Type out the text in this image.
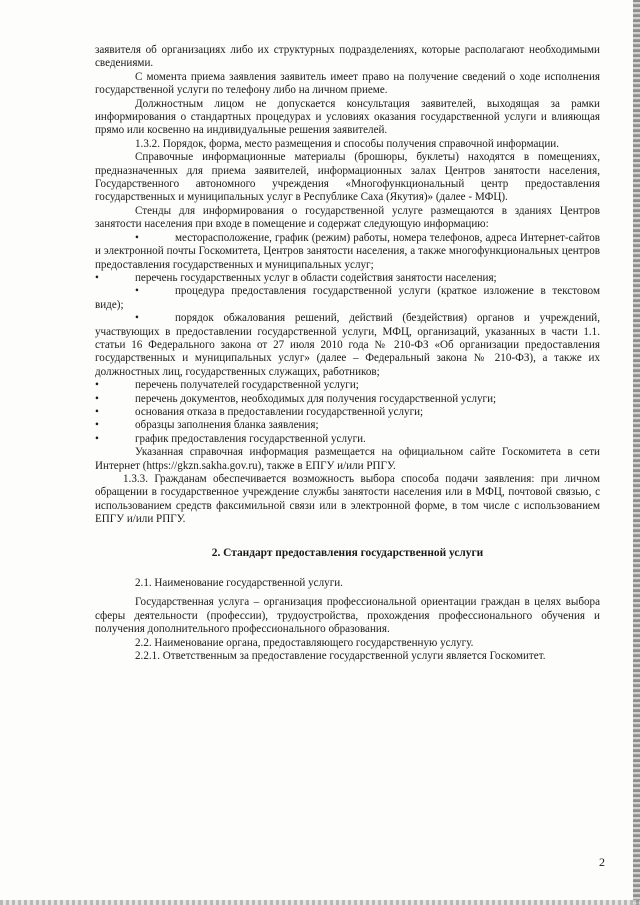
заявителя об организациях либо их структурных подразделениях, которые располагают необходимыми сведениями.

С момента приема заявления заявитель имеет право на получение сведений о ходе исполнения государственной услуги по телефону либо на личном приеме.

Должностным лицом не допускается консультация заявителей, выходящая за рамки информирования о стандартных процедурах и условиях оказания государственной услуги и влияющая прямо или косвенно на индивидуальные решения заявителей.

1.3.2. Порядок, форма, место размещения и способы получения справочной информации.

Справочные информационные материалы (брошюры, буклеты) находятся в помещениях, предназначенных для приема заявителей, информационных залах Центров занятости населения, Государственного автономного учреждения «Многофункциональный центр предоставления государственных и муниципальных услуг в Республике Саха (Якутия)» (далее - МФЦ).

Стенды для информирования о государственной услуге размещаются в зданиях Центров занятости населения при входе в помещение и содержат следующую информацию:

•	месторасположение, график (режим) работы, номера телефонов, адреса Интернет-сайтов и электронной почты Госкомитета, Центров занятости населения, а также многофункциональных центров предоставления государственных и муниципальных услуг;

•	перечень государственных услуг в области содействия занятости населения;

•	процедура предоставления государственной услуги (краткое изложение в текстовом виде);

•	порядок обжалования решений, действий (бездействия) органов и учреждений, участвующих в предоставлении государственной услуги, МФЦ, организаций, указанных в части 1.1. статьи 16 Федерального закона от 27 июля 2010 года № 210-ФЗ «Об организации предоставления государственных и муниципальных услуг» (далее – Федеральный закона № 210-ФЗ), а также их должностных лиц, государственных служащих, работников;

•	перечень получателей государственной услуги;

•	перечень документов, необходимых для получения государственной услуги;

•	основания отказа в предоставлении государственной услуги;

•	образцы заполнения бланка заявления;

•	график предоставления государственной услуги.

Указанная справочная информация размещается на официальном сайте Госкомитета в сети Интернет (https://gkzn.sakha.gov.ru), также в ЕПГУ и/или РПГУ.

1.3.3. Гражданам обеспечивается возможность выбора способа подачи заявления: при личном обращении в государственное учреждение службы занятости населения или в МФЦ, почтовой связью, с использованием средств факсимильной связи или в электронной форме, в том числе с использованием ЕПГУ и/или РПГУ.

2. Стандарт предоставления государственной услуги

2.1. Наименование государственной услуги.

Государственная услуга – организация профессиональной ориентации граждан в целях выбора сферы деятельности (профессии), трудоустройства, прохождения профессионального обучения и получения дополнительного профессионального образования.

2.2. Наименование органа, предоставляющего государственную услугу.

2.2.1. Ответственным за предоставление государственной услуги является Госкомитет.

2
